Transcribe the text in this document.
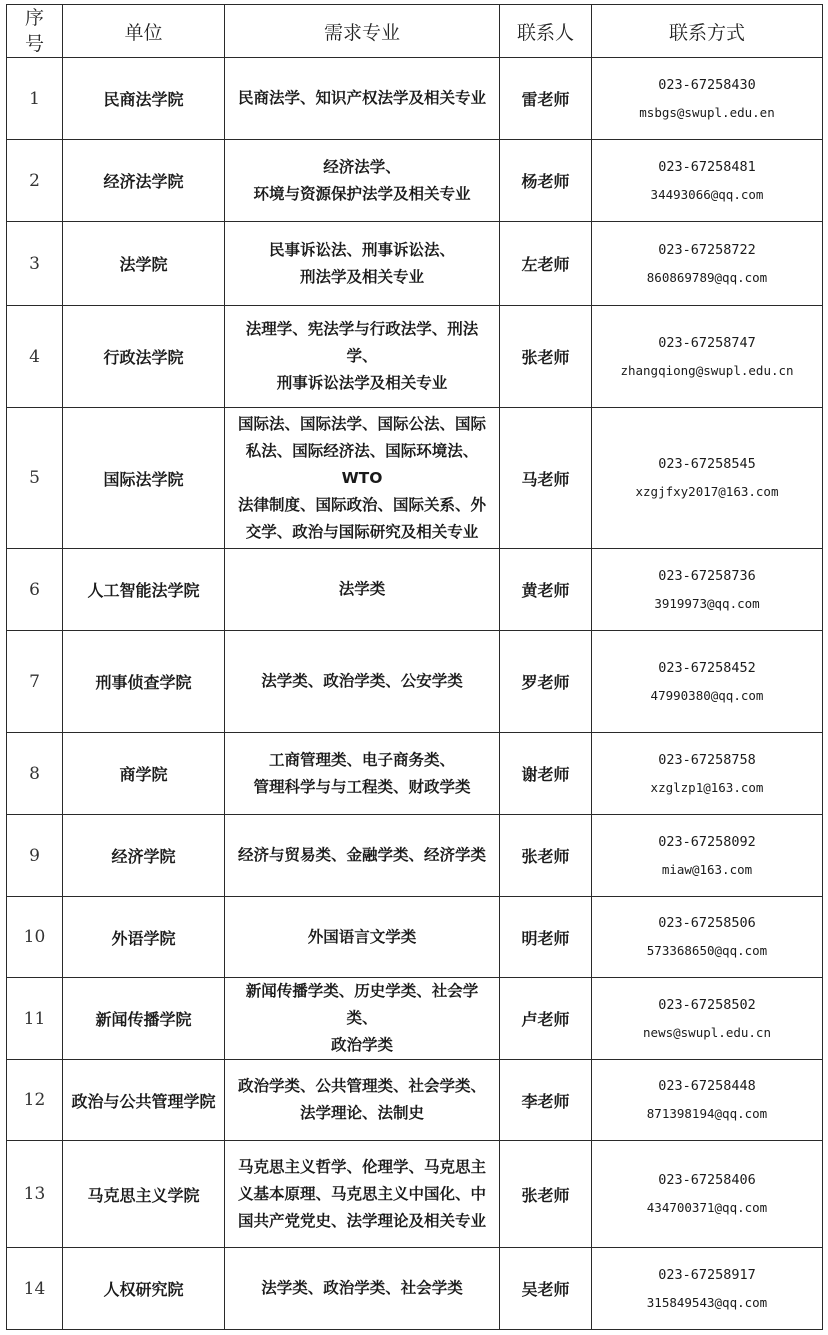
序
号	单位	需求专业	联系人	联系方式
1	民商法学院	民商法学、知识产权法学及相关专业	雷老师	023-67258430
msbgs@swupl.edu.en

2	经济法学院	经济法学、
环境与资源保护法学及相关专业	杨老师	023-67258481
34493066@qq.com

3	法学院	民事诉讼法、刑事诉讼法、
刑法学及相关专业	左老师	023-67258722
860869789@qq.com

4	行政法学院	法理学、宪法学与行政法学、刑法学、
刑事诉讼法学及相关专业	张老师	023-67258747
zhangqiong@swupl.edu.cn

5	国际法学院	国际法、国际法学、国际公法、国际
私法、国际经济法、国际环境法、WTO
法律制度、国际政治、国际关系、外
交学、政治与国际研究及相关专业	马老师	023-67258545
xzgjfxy2017@163.com

6	人工智能法学院	法学类	黄老师	023-67258736
3919973@qq.com

7	刑事侦查学院	法学类、政治学类、公安学类	罗老师	023-67258452
47990380@qq.com

8	商学院	工商管理类、电子商务类、
管理科学与与工程类、财政学类	谢老师	023-67258758
xzglzp1@163.com

9	经济学院	经济与贸易类、金融学类、经济学类	张老师	023-67258092
miaw@163.com

10	外语学院	外国语言文学类	明老师	023-67258506
573368650@qq.com

11	新闻传播学院	新闻传播学类、历史学类、社会学类、
政治学类	卢老师	023-67258502
news@swupl.edu.cn

12	政治与公共管理学院	政治学类、公共管理类、社会学类、
法学理论、法制史	李老师	023-67258448
871398194@qq.com

13	马克思主义学院	马克思主义哲学、伦理学、马克思主
义基本原理、马克思主义中国化、中
国共产党党史、法学理论及相关专业	张老师	023-67258406
434700371@qq.com

14	人权研究院	法学类、政治学类、社会学类	吴老师	023-67258917
315849543@qq.com
